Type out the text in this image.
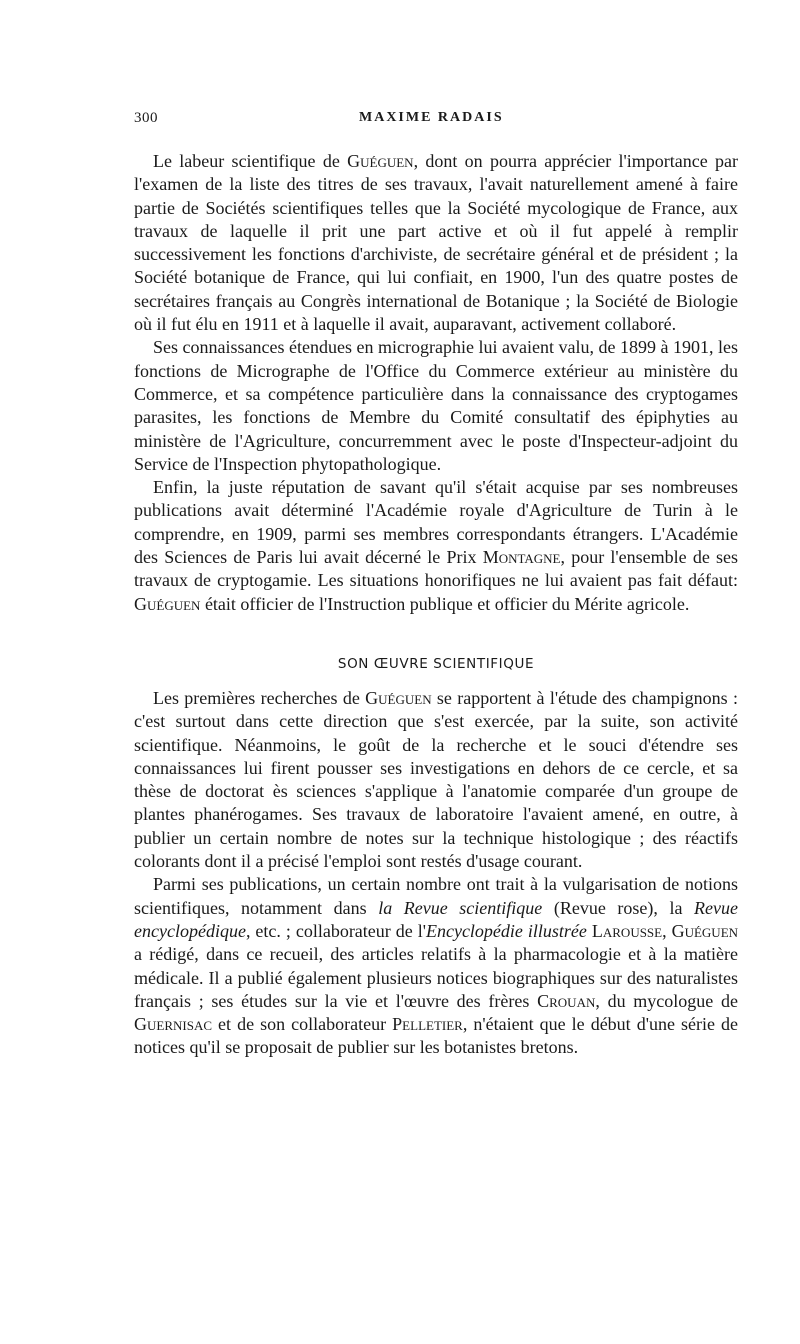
300	MAXIME RADAIS

Le labeur scientifique de Guéguen, dont on pourra apprécier l'importance par l'examen de la liste des titres de ses travaux, l'avait naturellement amené à faire partie de Sociétés scientifiques telles que la Société mycologique de France, aux travaux de laquelle il prit une part active et où il fut appelé à remplir successivement les fonctions d'archiviste, de secrétaire général et de président ; la Société botanique de France, qui lui confiait, en 1900, l'un des quatre postes de secrétaires français au Congrès international de Botanique ; la Société de Biologie où il fut élu en 1911 et à laquelle il avait, auparavant, activement collaboré.

Ses connaissances étendues en micrographie lui avaient valu, de 1899 à 1901, les fonctions de Micrographe de l'Office du Commerce extérieur au ministère du Commerce, et sa compétence particulière dans la connaissance des cryptogames parasites, les fonctions de Membre du Comité consultatif des épiphyties au ministère de l'Agriculture, concurremment avec le poste d'Inspecteur-adjoint du Service de l'Inspection phytopathologique.

Enfin, la juste réputation de savant qu'il s'était acquise par ses nombreuses publications avait déterminé l'Académie royale d'Agriculture de Turin à le comprendre, en 1909, parmi ses membres correspondants étrangers. L'Académie des Sciences de Paris lui avait décerné le Prix Montagne, pour l'ensemble de ses travaux de cryptogamie. Les situations honorifiques ne lui avaient pas fait défaut: Guéguen était officier de l'Instruction publique et officier du Mérite agricole.

SON ŒUVRE SCIENTIFIQUE

Les premières recherches de Guéguen se rapportent à l'étude des champignons : c'est surtout dans cette direction que s'est exercée, par la suite, son activité scientifique. Néanmoins, le goût de la recherche et le souci d'étendre ses connaissances lui firent pousser ses investigations en dehors de ce cercle, et sa thèse de doctorat ès sciences s'applique à l'anatomie comparée d'un groupe de plantes phanérogames. Ses travaux de laboratoire l'avaient amené, en outre, à publier un certain nombre de notes sur la technique histologique ; des réactifs colorants dont il a précisé l'emploi sont restés d'usage courant.

Parmi ses publications, un certain nombre ont trait à la vulgarisation de notions scientifiques, notamment dans la Revue scientifique (Revue rose), la Revue encyclopédique, etc. ; collaborateur de l'Encyclopédie illustrée Larousse, Guéguen a rédigé, dans ce recueil, des articles relatifs à la pharmacologie et à la matière médicale. Il a publié également plusieurs notices biographiques sur des naturalistes français ; ses études sur la vie et l'œuvre des frères Crouan, du mycologue de Guernisac et de son collaborateur Pelletier, n'étaient que le début d'une série de notices qu'il se proposait de publier sur les botanistes bretons.
